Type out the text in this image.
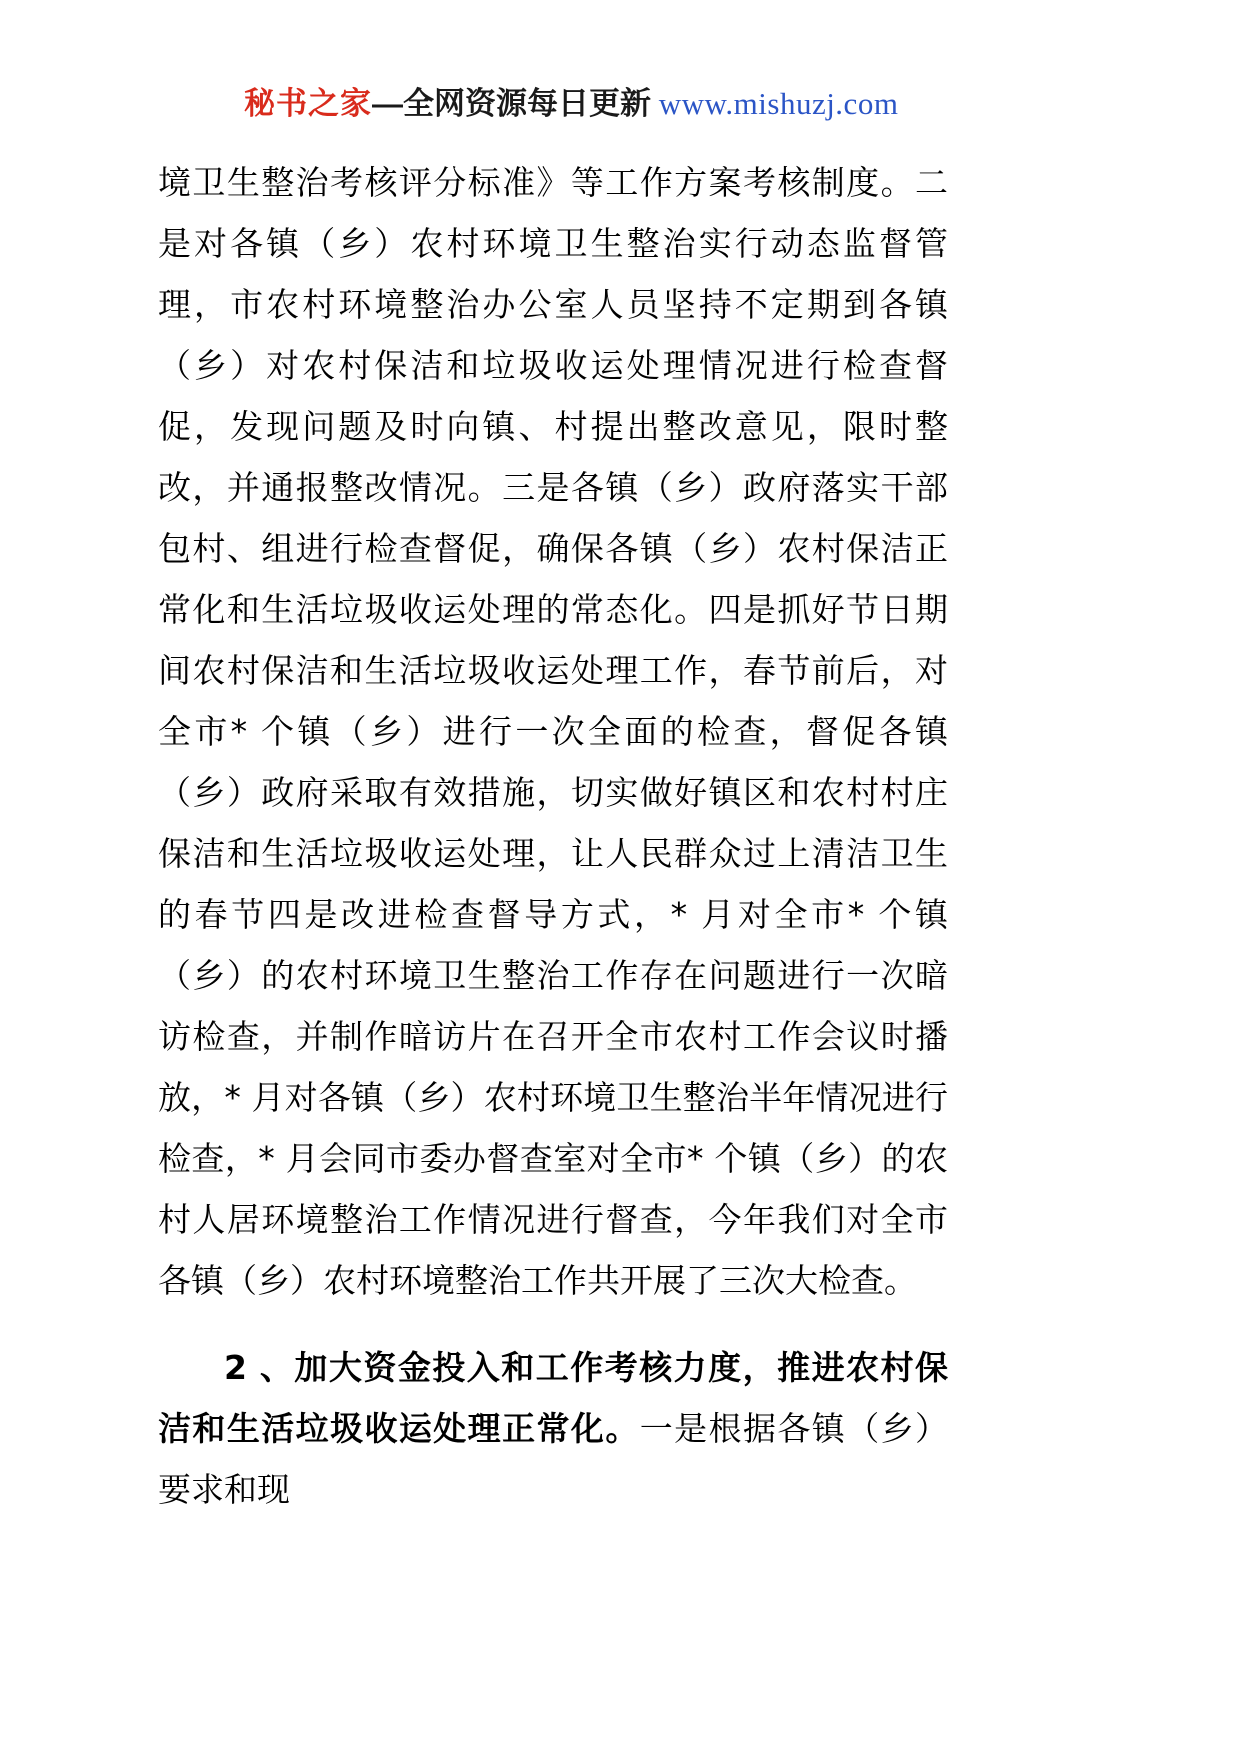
秘书之家—全网资源每日更新 www.mishuzj.com

境卫生整治考核评分标准》等工作方案考核制度。二是对各镇（乡）农村环境卫生整治实行动态监督管理，市农村环境整治办公室人员坚持不定期到各镇（乡）对农村保洁和垃圾收运处理情况进行检查督促，发现问题及时向镇、村提出整改意见，限时整改，并通报整改情况。三是各镇（乡）政府落实干部包村、组进行检查督促，确保各镇（乡）农村保洁正常化和生活垃圾收运处理的常态化。四是抓好节日期间农村保洁和生活垃圾收运处理工作，春节前后，对全市* 个镇（乡）进行一次全面的检查，督促各镇（乡）政府采取有效措施，切实做好镇区和农村村庄保洁和生活垃圾收运处理，让人民群众过上清洁卫生的春节四是改进检查督导方式，* 月对全市* 个镇（乡）的农村环境卫生整治工作存在问题进行一次暗访检查，并制作暗访片在召开全市农村工作会议时播放，* 月对各镇（乡）农村环境卫生整治半年情况进行检查，* 月会同市委办督查室对全市* 个镇（乡）的农村人居环境整治工作情况进行督查，今年我们对全市各镇（乡）农村环境整治工作共开展了三次大检查。

2 、加大资金投入和工作考核力度，推进农村保洁和生活垃圾收运处理正常化。一是根据各镇（乡）要求和现
